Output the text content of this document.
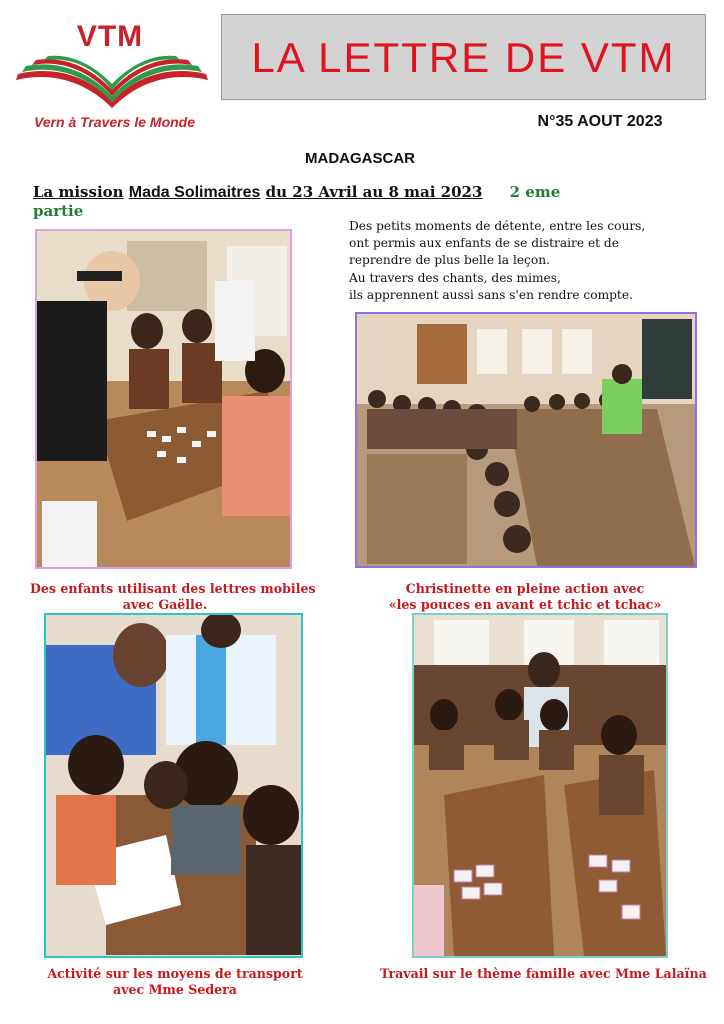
VTM
Vern à Travers le Monde
LA LETTRE DE VTM
N°35 AOUT 2023
MADAGASCAR
La mission Mada Solimaitres du 23 Avril au 8 mai 2023 2 eme partie
Des petits moments de détente, entre les cours,
ont permis aux enfants de se distraire et de
reprendre de plus belle la leçon.
Au travers des chants, des mimes,
ils apprennent aussi sans s'en rendre compte.
Des enfants utilisant des lettres mobiles
avec Gaëlle.
Christinette en pleine action avec
«les pouces en avant et tchic et tchac»
Activité sur les moyens de transport
avec Mme Sedera
Travail sur le thème famille avec Mme Lalaïna
